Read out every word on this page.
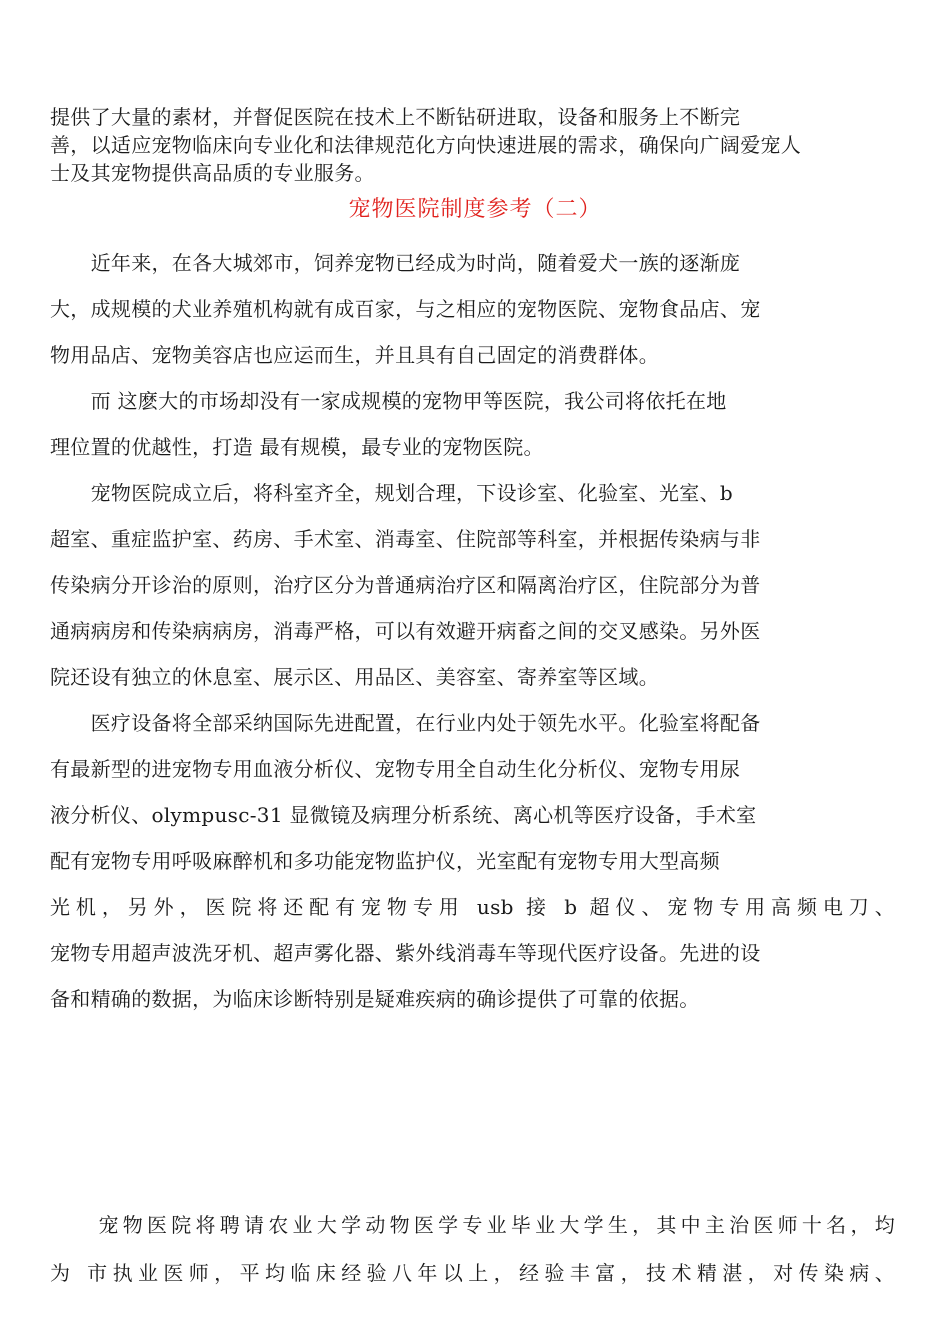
提供了大量的素材，并督促医院在技术上不断钻研进取，设备和服务上不断完
善，以适应宠物临床向专业化和法律规范化方向快速进展的需求，确保向广阔爱宠人
士及其宠物提供高品质的专业服务。
宠物医院制度参考（二）
　　近年来，在各大城郊市，饲养宠物已经成为时尚，随着爱犬一族的逐渐庞
大，成规模的犬业养殖机构就有成百家，与之相应的宠物医院、宠物食品店、宠
物用品店、宠物美容店也应运而生，并且具有自己固定的消费群体。
　　而 这麽大的市场却没有一家成规模的宠物甲等医院，我公司将依托在地
理位置的优越性，打造 最有规模，最专业的宠物医院。
　　宠物医院成立后，将科室齐全，规划合理，下设诊室、化验室、光室、b
超室、重症监护室、药房、手术室、消毒室、住院部等科室，并根据传染病与非
传染病分开诊治的原则，治疗区分为普通病治疗区和隔离治疗区，住院部分为普
通病病房和传染病病房，消毒严格，可以有效避开病畜之间的交叉感染。另外医
院还设有独立的休息室、展示区、用品区、美容室、寄养室等区域。
　　医疗设备将全部采纳国际先进配置，在行业内处于领先水平。化验室将配备
有最新型的进宠物专用血液分析仪、宠物专用全自动生化分析仪、宠物专用尿
液分析仪、olympusc-31 显微镜及病理分析系统、离心机等医疗设备，手术室
配有宠物专用呼吸麻醉机和多功能宠物监护仪，光室配有宠物专用大型高频
光机，另外，医院将还配有宠物专用 usb 接 b 超仪、宠物专用高频电刀、
宠物专用超声波洗牙机、超声雾化器、紫外线消毒车等现代医疗设备。先进的设
备和精确的数据，为临床诊断特别是疑难疾病的确诊提供了可靠的依据。
　　宠物医院将聘请农业大学动物医学专业毕业大学生，其中主治医师十名，均
为 市执业医师，平均临床经验八年以上，经验丰富，技术精湛，对传染病、
